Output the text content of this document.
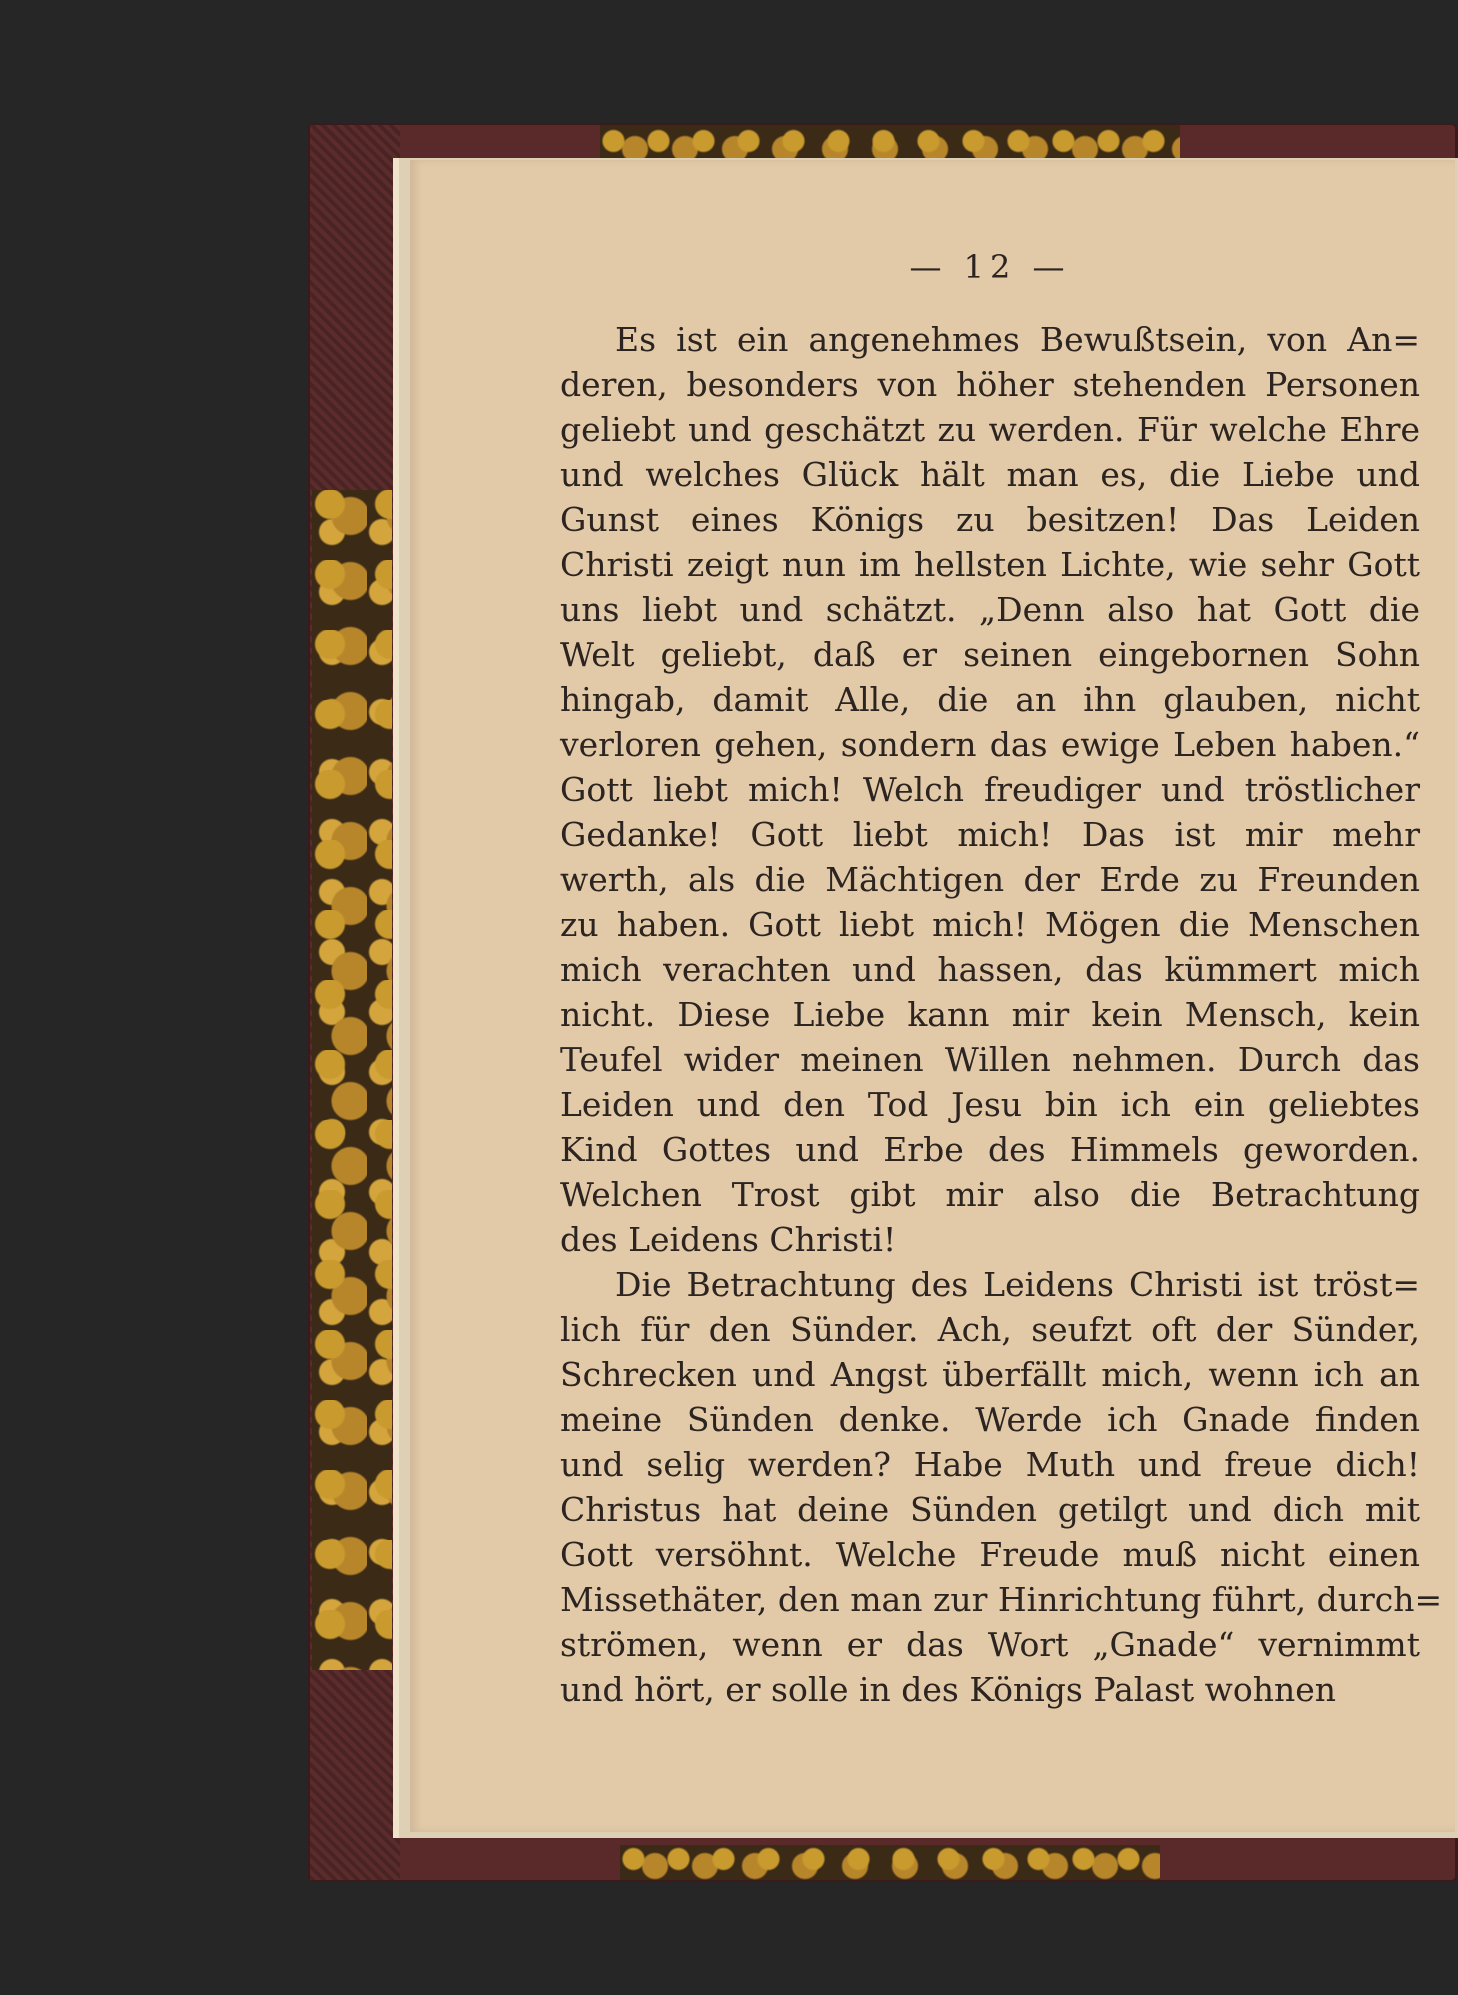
— 12 —
Es ist ein angenehmes Bewußtsein, von An=
deren, besonders von höher stehenden Personen
geliebt und geschätzt zu werden. Für welche Ehre
und welches Glück hält man es, die Liebe und
Gunst eines Königs zu besitzen! Das Leiden
Christi zeigt nun im hellsten Lichte, wie sehr Gott
uns liebt und schätzt. „Denn also hat Gott die
Welt geliebt, daß er seinen eingebornen Sohn
hingab, damit Alle, die an ihn glauben, nicht
verloren gehen, sondern das ewige Leben haben.“
Gott liebt mich! Welch freudiger und tröstlicher
Gedanke! Gott liebt mich! Das ist mir mehr
werth, als die Mächtigen der Erde zu Freunden
zu haben. Gott liebt mich! Mögen die Menschen
mich verachten und hassen, das kümmert mich
nicht. Diese Liebe kann mir kein Mensch, kein
Teufel wider meinen Willen nehmen. Durch das
Leiden und den Tod Jesu bin ich ein geliebtes
Kind Gottes und Erbe des Himmels geworden.
Welchen Trost gibt mir also die Betrachtung
des Leidens Christi!
Die Betrachtung des Leidens Christi ist tröst=
lich für den Sünder. Ach, seufzt oft der Sünder,
Schrecken und Angst überfällt mich, wenn ich an
meine Sünden denke. Werde ich Gnade finden
und selig werden? Habe Muth und freue dich!
Christus hat deine Sünden getilgt und dich mit
Gott versöhnt. Welche Freude muß nicht einen
Missethäter, den man zur Hinrichtung führt, durch=
strömen, wenn er das Wort „Gnade“ vernimmt
und hört, er solle in des Königs Palast wohnen
